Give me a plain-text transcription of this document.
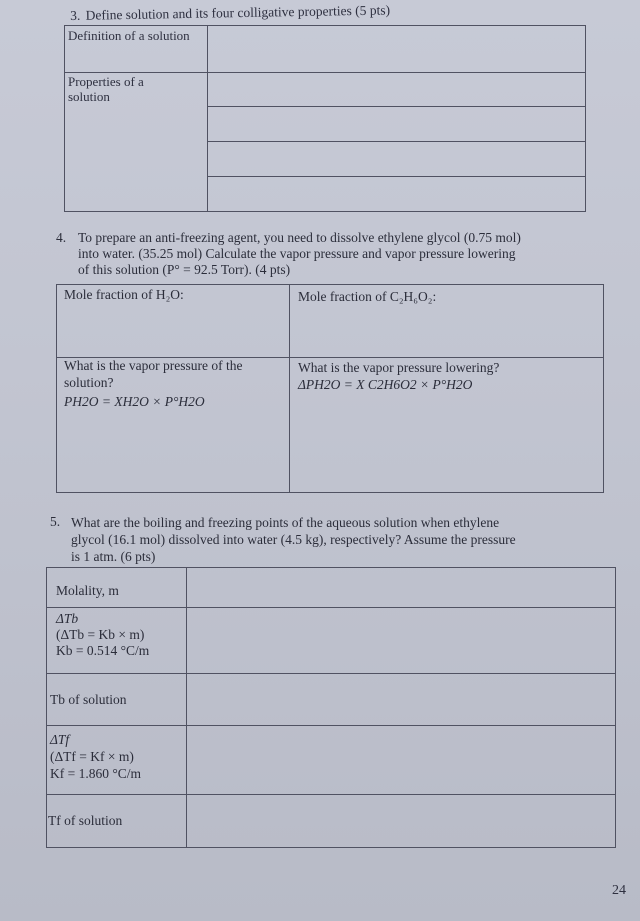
3. Define solution and its four colligative properties (5 pts)
Definition of a solution
Properties of a solution
4. To prepare an anti-freezing agent, you need to dissolve ethylene glycol (0.75 mol)
into water. (35.25 mol) Calculate the vapor pressure and vapor pressure lowering
of this solution (P° = 92.5 Torr). (4 pts)
Mole fraction of H₂O:	Mole fraction of C₂H₆O₂:
What is the vapor pressure of the
solution?
PH2O = XH2O × P°H2O
What is the vapor pressure lowering?
ΔPH2O = X C2H6O2 × P°H2O
5. What are the boiling and freezing points of the aqueous solution when ethylene
glycol (16.1 mol) dissolved into water (4.5 kg), respectively? Assume the pressure
is 1 atm. (6 pts)
Molality, m
ΔTb
(ΔTb = Kb × m)
Kb = 0.514 °C/m
Tb of solution
ΔTf
(ΔTf = Kf × m)
Kf = 1.860 °C/m
Tf of solution
24
